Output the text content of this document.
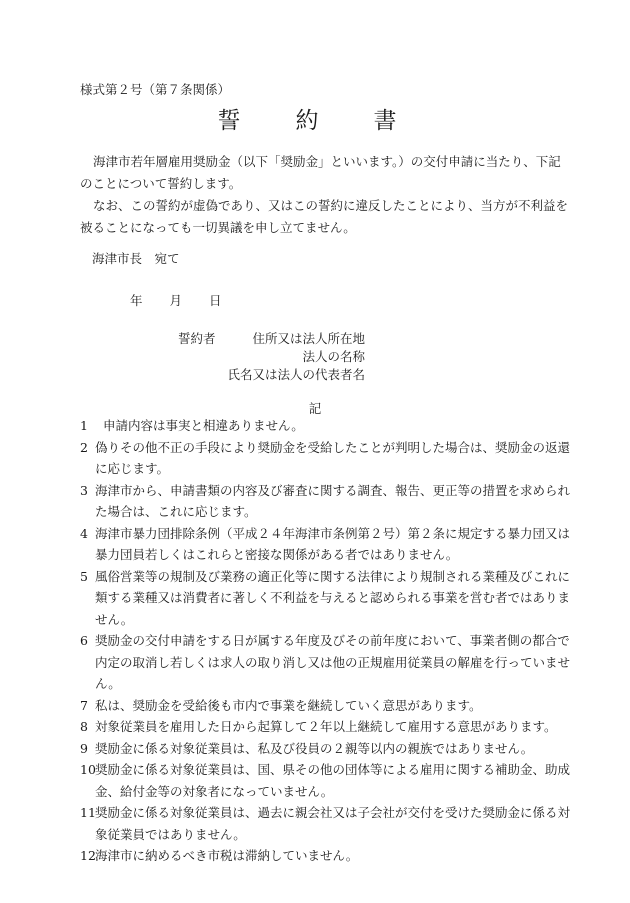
様式第２号（第７条関係）
誓　約　書

海津市若年層雇用奨励金（以下「奨励金」といいます。）の交付申請に当たり、下記のことについて誓約します。

なお、この誓約が虚偽であり、又はこの誓約に違反したことにより、当方が不利益を被ることになっても一切異議を申し立てません。

海津市長　宛て
年 月 日
誓約者	住所又は法人所在地
法人の名称
氏名又は法人の代表者名
記
1	申請内容は事実と相違ありません。
2 偽りその他不正の手段により奨励金を受給したことが判明した場合は、奨励金の返還に応じます。
3 海津市から、申請書類の内容及び審査に関する調査、報告、更正等の措置を求められた場合は、これに応じます。
4 海津市暴力団排除条例（平成２４年海津市条例第２号）第２条に規定する暴力団又は暴力団員若しくはこれらと密接な関係がある者ではありません。
5 風俗営業等の規制及び業務の適正化等に関する法律により規制される業種及びこれに類する業種又は消費者に著しく不利益を与えると認められる事業を営む者ではありません。
6 奨励金の交付申請をする日が属する年度及びその前年度において、事業者側の都合で内定の取消し若しくは求人の取り消し又は他の正規雇用従業員の解雇を行っていません。
7 私は、奨励金を受給後も市内で事業を継続していく意思があります。
8 対象従業員を雇用した日から起算して２年以上継続して雇用する意思があります。
9 奨励金に係る対象従業員は、私及び役員の２親等以内の親族ではありません。
10 奨励金に係る対象従業員は、国、県その他の団体等による雇用に関する補助金、助成金、給付金等の対象者になっていません。
11 奨励金に係る対象従業員は、過去に親会社又は子会社が交付を受けた奨励金に係る対象従業員ではありません。
12 海津市に納めるべき市税は滞納していません。
